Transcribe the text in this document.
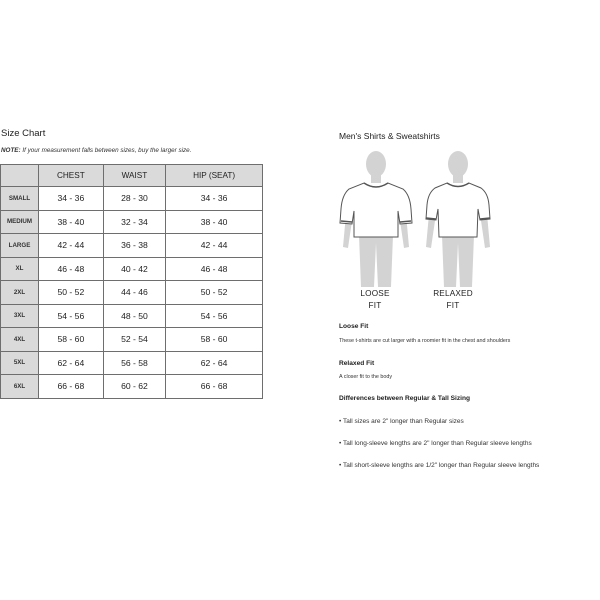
Size Chart
NOTE: If your measurement falls between sizes, buy the larger size.
	CHEST	WAIST	HIP (SEAT)
SMALL	34 - 36	28 - 30	34 - 36
MEDIUM	38 - 40	32 - 34	38 - 40
LARGE	42 - 44	36 - 38	42 - 44
XL	46 - 48	40 - 42	46 - 48
2XL	50 - 52	44 - 46	50 - 52
3XL	54 - 56	48 - 50	54 - 56
4XL	58 - 60	52 - 54	58 - 60
5XL	62 - 64	56 - 58	62 - 64
6XL	66 - 68	60 - 62	66 - 68
Men's Shirts & Sweatshirts
LOOSE
FIT
RELAXED
FIT
Loose Fit
These t-shirts are cut larger with a roomier fit in the chest and shoulders
Relaxed Fit
A closer fit to the body
Differences between Regular & Tall Sizing
• Tall sizes are 2" longer than Regular sizes
• Tall long-sleeve lengths are 2" longer than Regular sleeve lengths
• Tall short-sleeve lengths are 1/2" longer than Regular sleeve lengths
